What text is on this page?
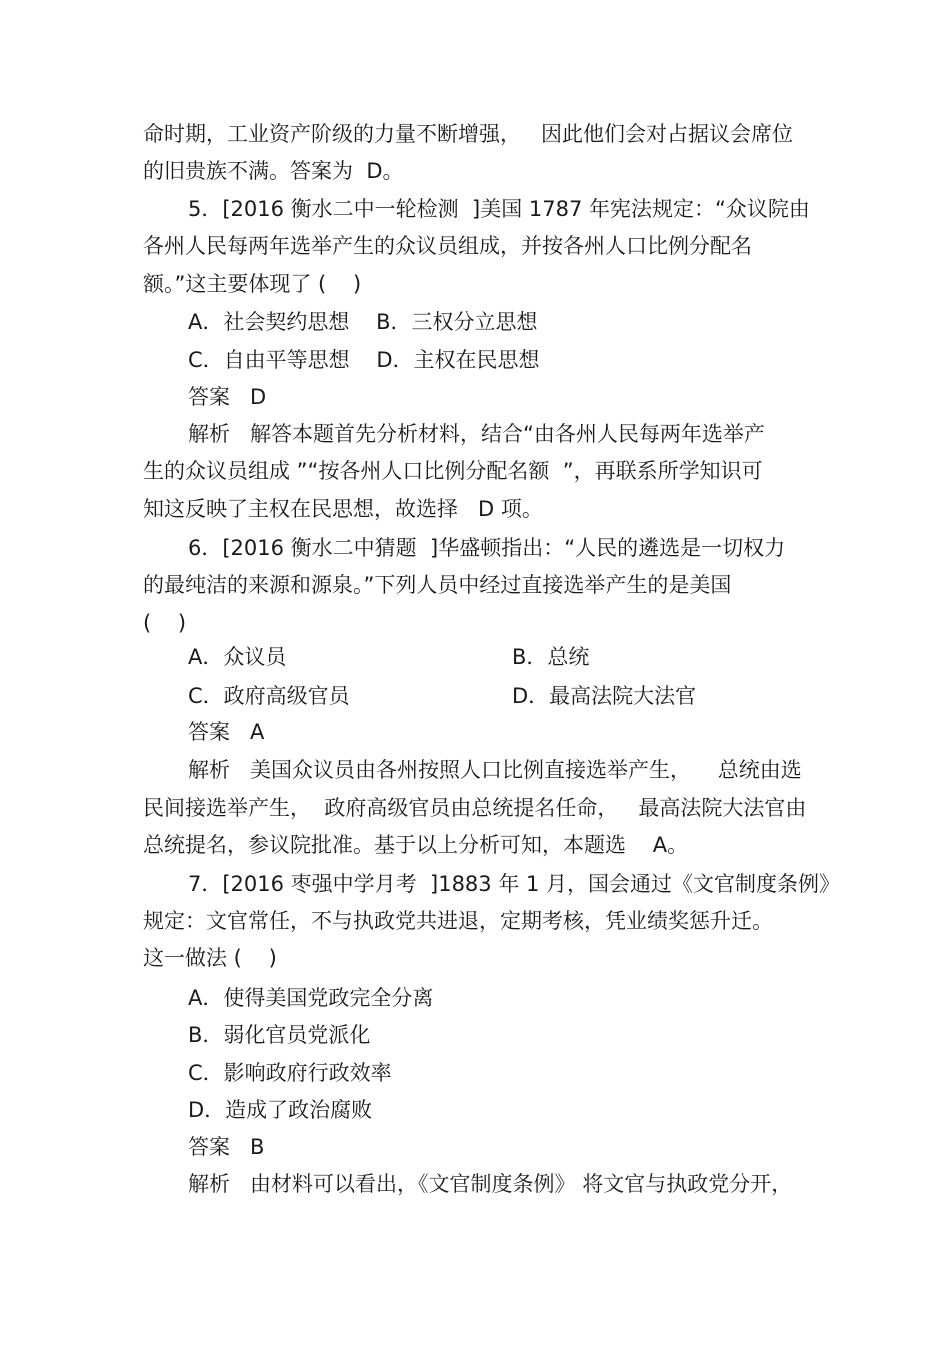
命时期，工业资产阶级的力量不断增强，   因此他们会对占据议会席位
的旧贵族不满。答案为  D。
5．[2016 衡水二中一轮检测  ]美国 1787 年宪法规定：“众议院由
各州人民每两年选举产生的众议员组成，并按各州人口比例分配名
额。”这主要体现了 (    )
A．社会契约思想    B．三权分立思想
C．自由平等思想    D．主权在民思想
答案   D
解析   解答本题首先分析材料，结合“由各州人民每两年选举产
生的众议员组成 ”“按各州人口比例分配名额  ”，再联系所学知识可
知这反映了主权在民思想，故选择   D 项。
6．[2016 衡水二中猜题  ]华盛顿指出：“人民的遴选是一切权力
的最纯洁的来源和源泉。”下列人员中经过直接选举产生的是美国
(    )
A．众议员	B．总统
C．政府高级官员	D．最高法院大法官
答案   A
解析   美国众议员由各州按照人口比例直接选举产生，    总统由选
民间接选举产生，  政府高级官员由总统提名任命，   最高法院大法官由
总统提名，参议院批准。基于以上分析可知，本题选    A。
7．[2016 枣强中学月考  ]1883 年 1 月，国会通过《文官制度条例》
规定：文官常任，不与执政党共进退，定期考核，凭业绩奖惩升迁。
这一做法 (    )
A．使得美国党政完全分离
B．弱化官员党派化
C．影响政府行政效率
D．造成了政治腐败
答案   B
解析   由材料可以看出，《文官制度条例》 将文官与执政党分开，
